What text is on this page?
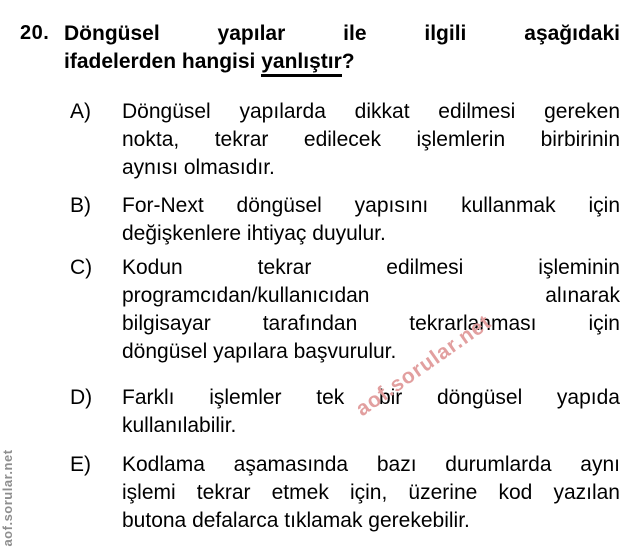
20. Döngüsel yapılar ile ilgili aşağıdaki
ifadelerden hangisi yanlıştır?
A)	Döngüsel yapılarda dikkat edilmesi gereken
nokta, tekrar edilecek işlemlerin birbirinin
aynısı olmasıdır.
B)	For-Next döngüsel yapısını kullanmak için
değişkenlere ihtiyaç duyulur.
C)	Kodun tekrar edilmesi işleminin
programcıdan/kullanıcıdan alınarak
bilgisayar tarafından tekrarlanması için
döngüsel yapılara başvurulur.
D)	Farklı işlemler tek bir döngüsel yapıda
kullanılabilir.
E)	Kodlama aşamasında bazı durumlarda aynı
işlemi tekrar etmek için, üzerine kod yazılan
butona defalarca tıklamak gerekebilir.
aof.sorular.net
aof.sorular.net
